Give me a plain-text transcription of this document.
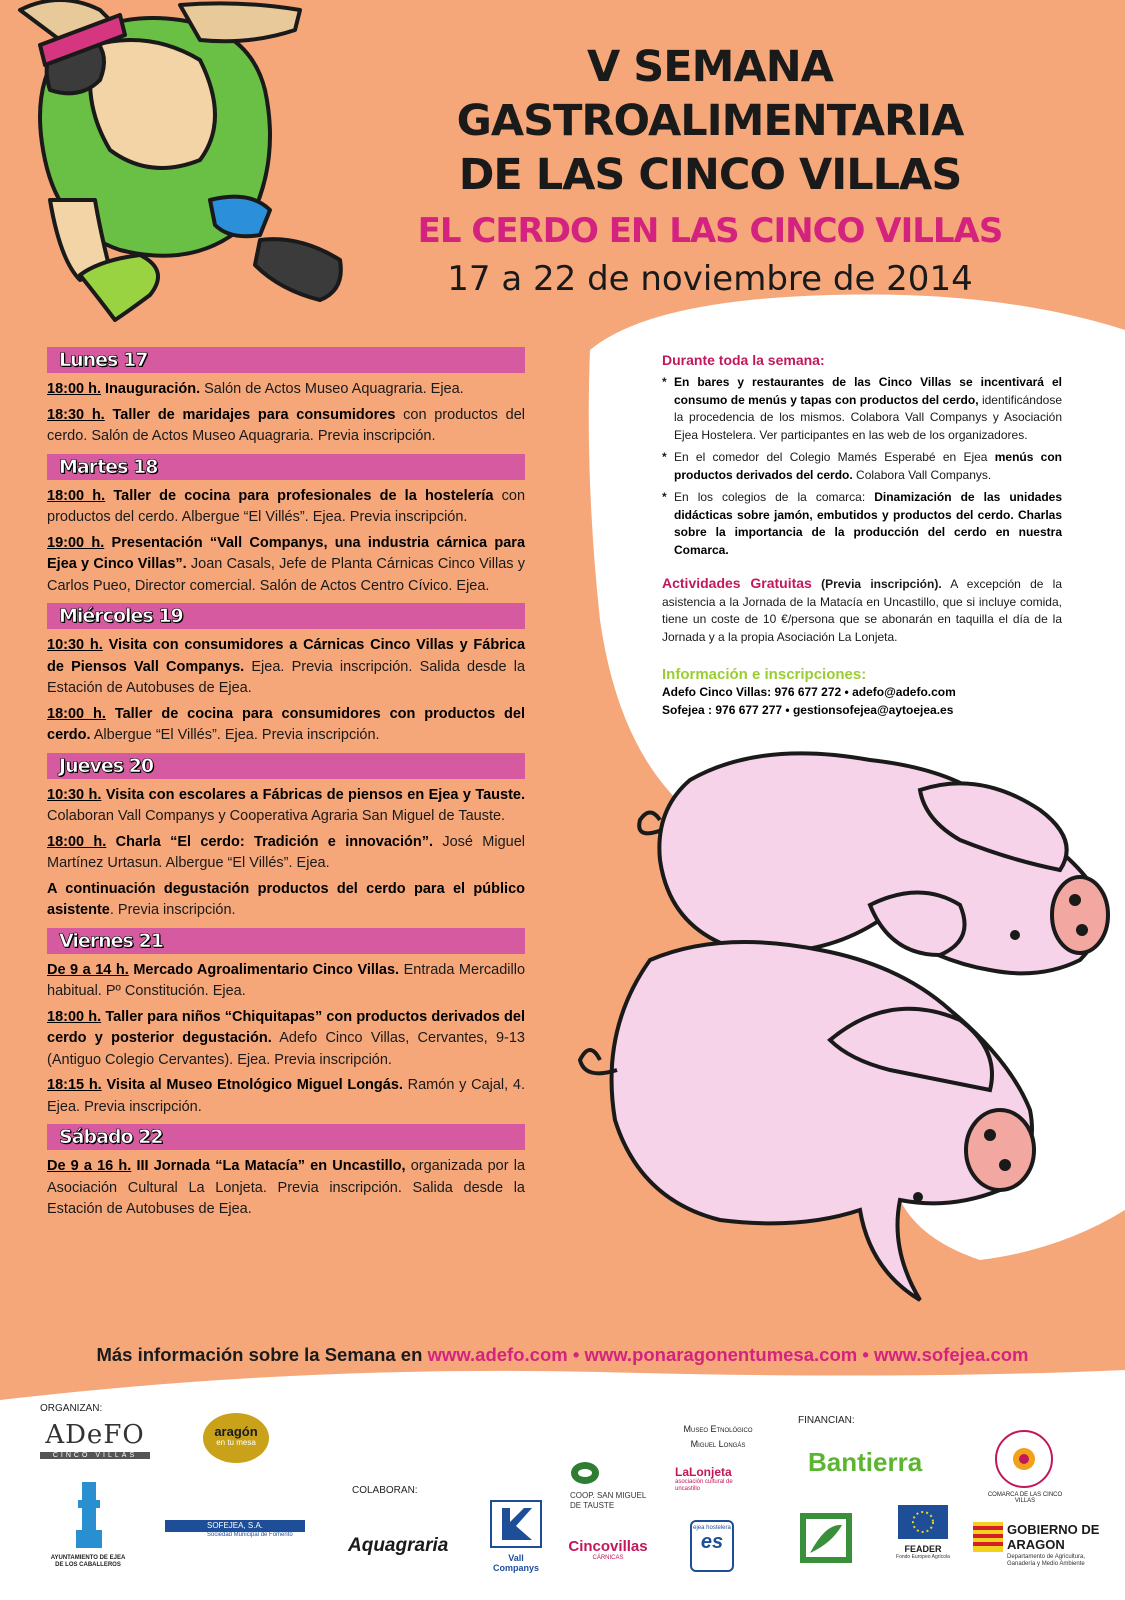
V SEMANA GASTROALIMENTARIA
DE LAS CINCO VILLAS
EL CERDO EN LAS CINCO VILLAS
17 a 22 de noviembre de 2014
Lunes 17
18:00 h. Inauguración. Salón de Actos Museo Aquagraria. Ejea.
18:30 h. Taller de maridajes para consumidores con productos del cerdo. Salón de Actos Museo Aquagraria. Previa inscripción.
Martes 18
18:00 h. Taller de cocina para profesionales de la hostelería con productos del cerdo. Albergue “El Villés”. Ejea. Previa inscripción.
19:00 h. Presentación “Vall Companys, una industria cárnica para Ejea y Cinco Villas”. Joan Casals, Jefe de Planta Cárnicas Cinco Villas y Carlos Pueo, Director comercial. Salón de Actos Centro Cívico. Ejea.
Miércoles 19
10:30 h. Visita con consumidores a Cárnicas Cinco Villas y Fábrica de Piensos Vall Companys. Ejea. Previa inscripción. Salida desde la Estación de Autobuses de Ejea.
18:00 h. Taller de cocina para consumidores con productos del cerdo. Albergue “El Villés”. Ejea. Previa inscripción.
Jueves 20
10:30 h. Visita con escolares a Fábricas de piensos en Ejea y Tauste. Colaboran Vall Companys y Cooperativa Agraria San Miguel de Tauste.
18:00 h. Charla “El cerdo: Tradición e innovación”. José Miguel Martínez Urtasun. Albergue “El Villés”. Ejea.
A continuación degustación productos del cerdo para el público asistente. Previa inscripción.
Viernes 21
De 9 a 14 h. Mercado Agroalimentario Cinco Villas. Entrada Mercadillo habitual. Pº Constitución. Ejea.
18:00 h. Taller para niños “Chiquitapas” con productos derivados del cerdo y posterior degustación. Adefo Cinco Villas, Cervantes, 9-13 (Antiguo Colegio Cervantes). Ejea. Previa inscripción.
18:15 h. Visita al Museo Etnológico Miguel Longás. Ramón y Cajal, 4. Ejea. Previa inscripción.
Sábado 22
De 9 a 16 h. III Jornada “La Matacía” en Uncastillo, organizada por la Asociación Cultural La Lonjeta. Previa inscripción. Salida desde la Estación de Autobuses de Ejea.
Durante toda la semana:
* En bares y restaurantes de las Cinco Villas se incentivará el consumo de menús y tapas con productos del cerdo, identificándose la procedencia de los mismos. Colabora Vall Companys y Asociación Ejea Hostelera. Ver participantes en las web de los organizadores.
* En el comedor del Colegio Mamés Esperabé en Ejea menús con productos derivados del cerdo. Colabora Vall Companys.
* En los colegios de la comarca: Dinamización de las unidades didácticas sobre jamón, embutidos y productos del cerdo. Charlas sobre la importancia de la producción del cerdo en nuestra Comarca.
Actividades Gratuitas (Previa inscripción). A excepción de la asistencia a la Jornada de la Matacía en Uncastillo, que si incluye comida, tiene un coste de 10 €/persona que se abonarán en taquilla el día de la Jornada y a la propia Asociación La Lonjeta.
Información e inscripciones:
Adefo Cinco Villas: 976 677 272 • adefo@adefo.com
Sofejea : 976 677 277 • gestionsofejea@aytoejea.es
Más información sobre la Semana en www.adefo.com • www.ponaragonentumesa.com • www.sofejea.com
ORGANIZAN:
COLABORAN:
FINANCIAN:
ADeFO
CINCO VILLAS
aragón
en tu mesa
AYUNTAMIENTO DE EJEA DE LOS CABALLEROS
SOFEJEA, S.A.
Sociedad Municipal de Fomento	Aquagraria
Vall Companys
COOP. SAN MIGUEL DE TAUSTE
Cincovillas
CÁRNICAS
Museo Etnológico
Miguel Longás
LaLonjeta
asociación cultural de uncastillo
ejea hostelera
es
Bantierra
COMARCA DE LAS CINCO VILLAS
FEADER
Fondo Europeo Agrícola
GOBIERNO DE ARAGON
Departamento de Agricultura, Ganadería y Medio Ambiente
